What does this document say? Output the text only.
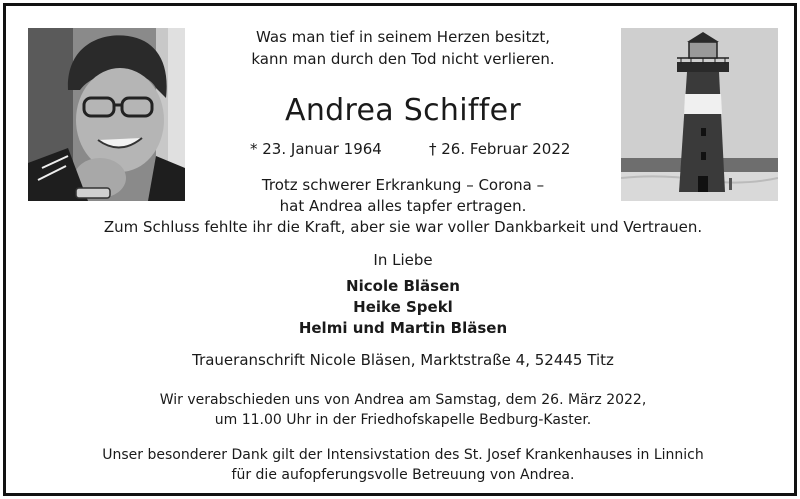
Was man tief in seinem Herzen besitzt,
kann man durch den Tod nicht verlieren.
Andrea Schiffer
* 23. Januar 1964	† 26. Februar 2022
Trotz schwerer Erkrankung – Corona –
hat Andrea alles tapfer ertragen.
Zum Schluss fehlte ihr die Kraft, aber sie war voller Dankbarkeit und Vertrauen.
In Liebe
Nicole Bläsen
Heike Spekl
Helmi und Martin Bläsen
Traueranschrift Nicole Bläsen, Marktstraße 4, 52445 Titz
Wir verabschieden uns von Andrea am Samstag, dem 26. März 2022,
um 11.00 Uhr in der Friedhofskapelle Bedburg-Kaster.
Unser besonderer Dank gilt der Intensivstation des St. Josef Krankenhauses in Linnich
für die aufopferungsvolle Betreuung von Andrea.
